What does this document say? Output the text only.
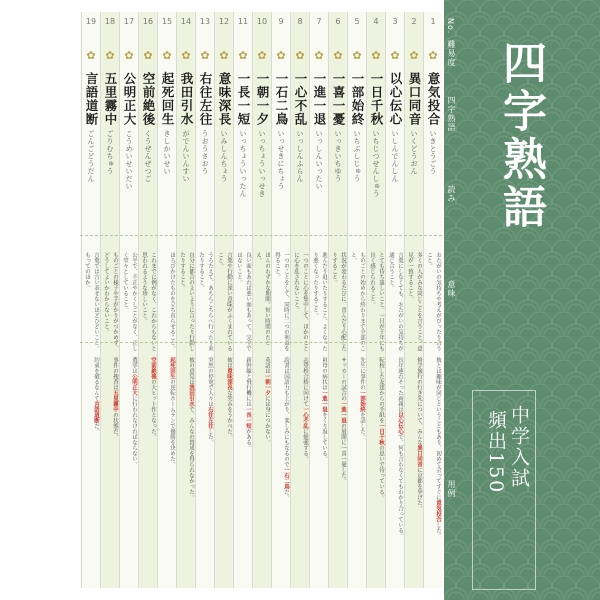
1
✿
意気投合
いきとうごう
おたがいの気持ちや考えがぴったり合うこと。
彼とは趣味が同じということもあり、初めて会ってすぐに意気投合した。
2
✿
異口同音
いくどうおん
多くの人がみな同じことを言うこと。意見が一致すること。
修学旅行の行き先について、みんな異口同音に京都を挙げた。
3
✿
以心伝心
いしんでんしん
言葉にしなくても、おたがいの気持ちが通じ合うこと。
長年連れそった両親は以心伝心で、何も言わなくてもわかり合っている。
4
✿
一日千秋
いちじつせんしゅう
とても待ち遠しいこと。一日が千年にも長く感じられること。
転校した友達からの手紙を一日千秋の思いで待っている。
5
✿
一部始終
いちぶしじゅう
ものごとの始めから終わりまで全部のこと。
先生に事件の一部始終を話した。
6
✿
一喜一憂
いっきいちゆう
状況が変わるたびに、喜んだり心配したりすること。
サッカーの試合の一進一退の展開に一喜一憂した。
7
✿
一進一退
いっしんいったい
進んだり退いたりすること。よくなったり悪くなったりすること。
祖母の病状は一進一退をくり返している。
8
✿
一心不乱
いっしんふらん
一つのことに心を集中して、ほかのことに心を乱されないこと。
志望校合格に向けて一心不乱に勉強する。
9
✿
一石二鳥
いっせきにちょう
一つのことをして、同時に二つの利益を得ること。
読書は国語力も上がり、楽しみにもなるので一石二鳥だ。
10
✿
一朝一夕
いっちょういっせき
ほんのわずかな期間。短い時間のたとえ。
英語は一朝一夕には身につかない。
11
✿
一長一短
いっちょういったん
良い面もあれば悪い面もあって、完全ではないこと。
新幹線と飛行機には一長一短がある。
12
✿
意味深長
いみしんちょう
言葉や行動に深い意味がふくまれていること。
彼は意味深長な笑みをうかべた。
13
✿
右往左往
うおうさおう
うろたえて、あちらこちらへ行ったり来たりすること。
突然の停電で人々は右往左往した。
14
✿
我田引水
がでんいんすい
自分に都合のよいように言ったり行動したりすること。
彼の意見は我田引水で、みんなの賛成を得られなかった。
15
✿
起死回生
きしかいせい
ほろびかけたものを立ち直らせること。
起死回生の逆転ホームランで優勝を決めた。
16
✿
空前絶後
くうぜんぜつご
これまでに例がなく、これからもないと思われるような珍しいこと。
空前絶後の大ヒット作となった。
17
✿
公明正大
こうめいせいだい
公平で、不正やかくしごとがなく、正しく堂々としていること。
選挙は公明正大に行われなければならない。
18
✿
五里霧中
ごりむちゅう
ものごとの様子や手がかりがつかめず、どうしてよいかわからないこと。
事件の捜査は五里霧中の状態だ。
19
✿
言語道断
ごんごどうだん
言葉では言い表せないほどひどいこと。もってのほか。
約束を破るなんて言語道断だ。
No.
難易度
四字熟語
読み
意味
用例
四字熟語
中学入試
頻出150
